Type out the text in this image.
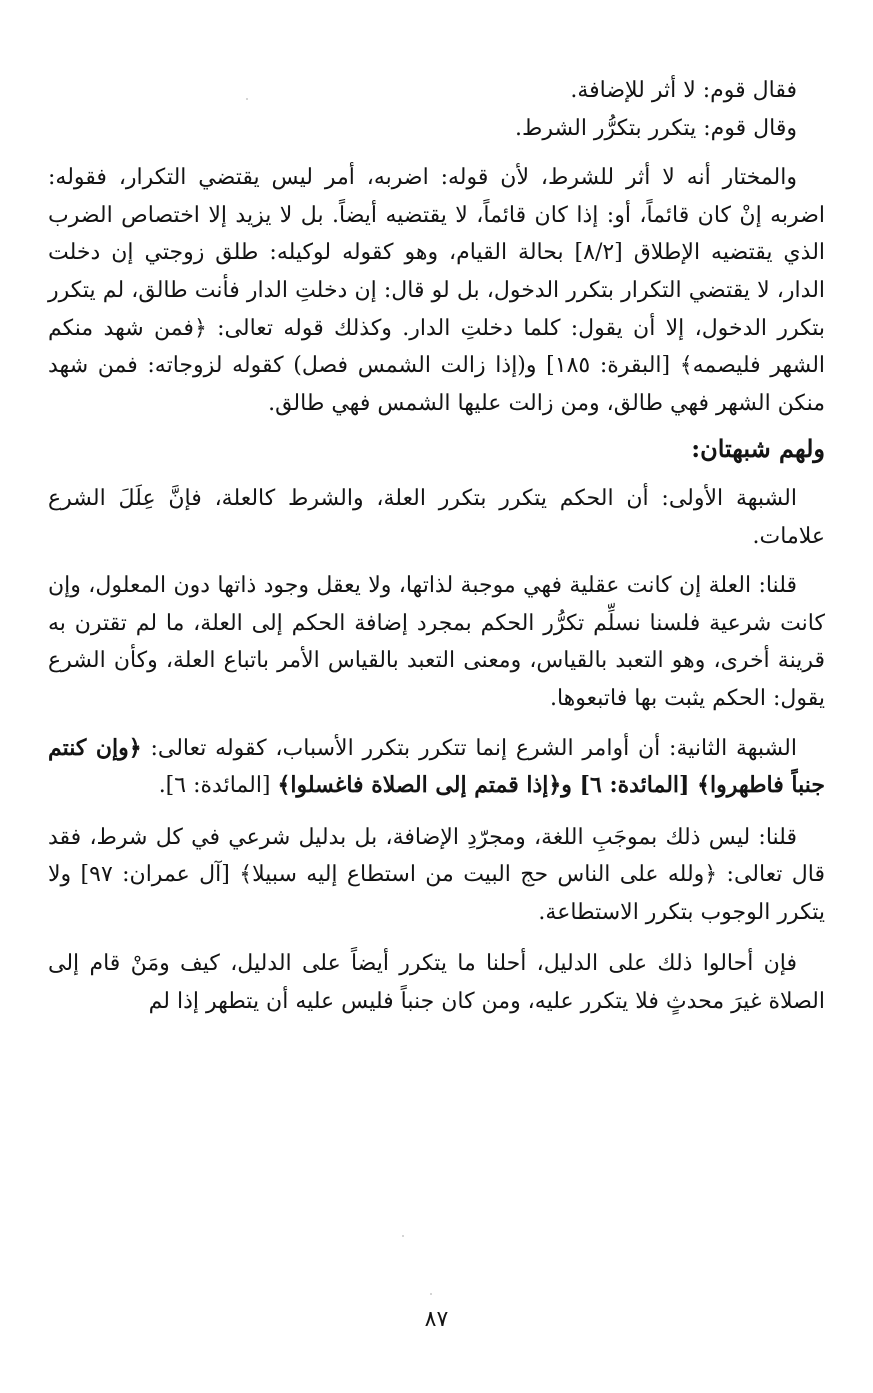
فقال قوم: لا أثر للإضافة.

وقال قوم: يتكرر بتكرُّر الشرط.

والمختار أنه لا أثر للشرط، لأن قوله: اضربه، أمر ليس يقتضي التكرار، فقوله: اضربه إنْ كان قائماً، أو: إذا كان قائماً، لا يقتضيه أيضاً. بل لا يزيد إلا اختصاص الضرب الذي يقتضيه الإطلاق [٨/٢] بحالة القيام، وهو كقوله لوكيله: طلق زوجتي إن دخلت الدار، لا يقتضي التكرار بتكرر الدخول، بل لو قال: إن دخلتِ الدار فأنت طالق، لم يتكرر بتكرر الدخول، إلا أن يقول: كلما دخلتِ الدار. وكذلك قوله تعالى: ﴿فمن شهد منكم الشهر فليصمه﴾ [البقرة: ١٨٥] و(إذا زالت الشمس فصل) كقوله لزوجاته: فمن شهد منكن الشهر فهي طالق، ومن زالت عليها الشمس فهي طالق.

ولهم شبهتان:

الشبهة الأولى: أن الحكم يتكرر بتكرر العلة، والشرط كالعلة، فإنَّ عِلَلَ الشرع علامات.

قلنا: العلة إن كانت عقلية فهي موجبة لذاتها، ولا يعقل وجود ذاتها دون المعلول، وإن كانت شرعية فلسنا نسلِّم تكرُّر الحكم بمجرد إضافة الحكم إلى العلة، ما لم تقترن به قرينة أخرى، وهو التعبد بالقياس، ومعنى التعبد بالقياس الأمر باتباع العلة، وكأن الشرع يقول: الحكم يثبت بها فاتبعوها.

الشبهة الثانية: أن أوامر الشرع إنما تتكرر بتكرر الأسباب، كقوله تعالى: ﴿وإن كنتم جنباً فاطهروا﴾ [المائدة: ٦] و﴿إذا قمتم إلى الصلاة فاغسلوا﴾ [المائدة: ٦].

قلنا: ليس ذلك بموجَبِ اللغة، ومجرّدِ الإضافة، بل بدليل شرعي في كل شرط، فقد قال تعالى: ﴿ولله على الناس حج البيت من استطاع إليه سبيلا﴾ [آل عمران: ٩٧] ولا يتكرر الوجوب بتكرر الاستطاعة.

فإن أحالوا ذلك على الدليل، أحلنا ما يتكرر أيضاً على الدليل، كيف ومَنْ قام إلى الصلاة غيرَ محدثٍ فلا يتكرر عليه، ومن كان جنباً فليس عليه أن يتطهر إذا لم

٨٧
